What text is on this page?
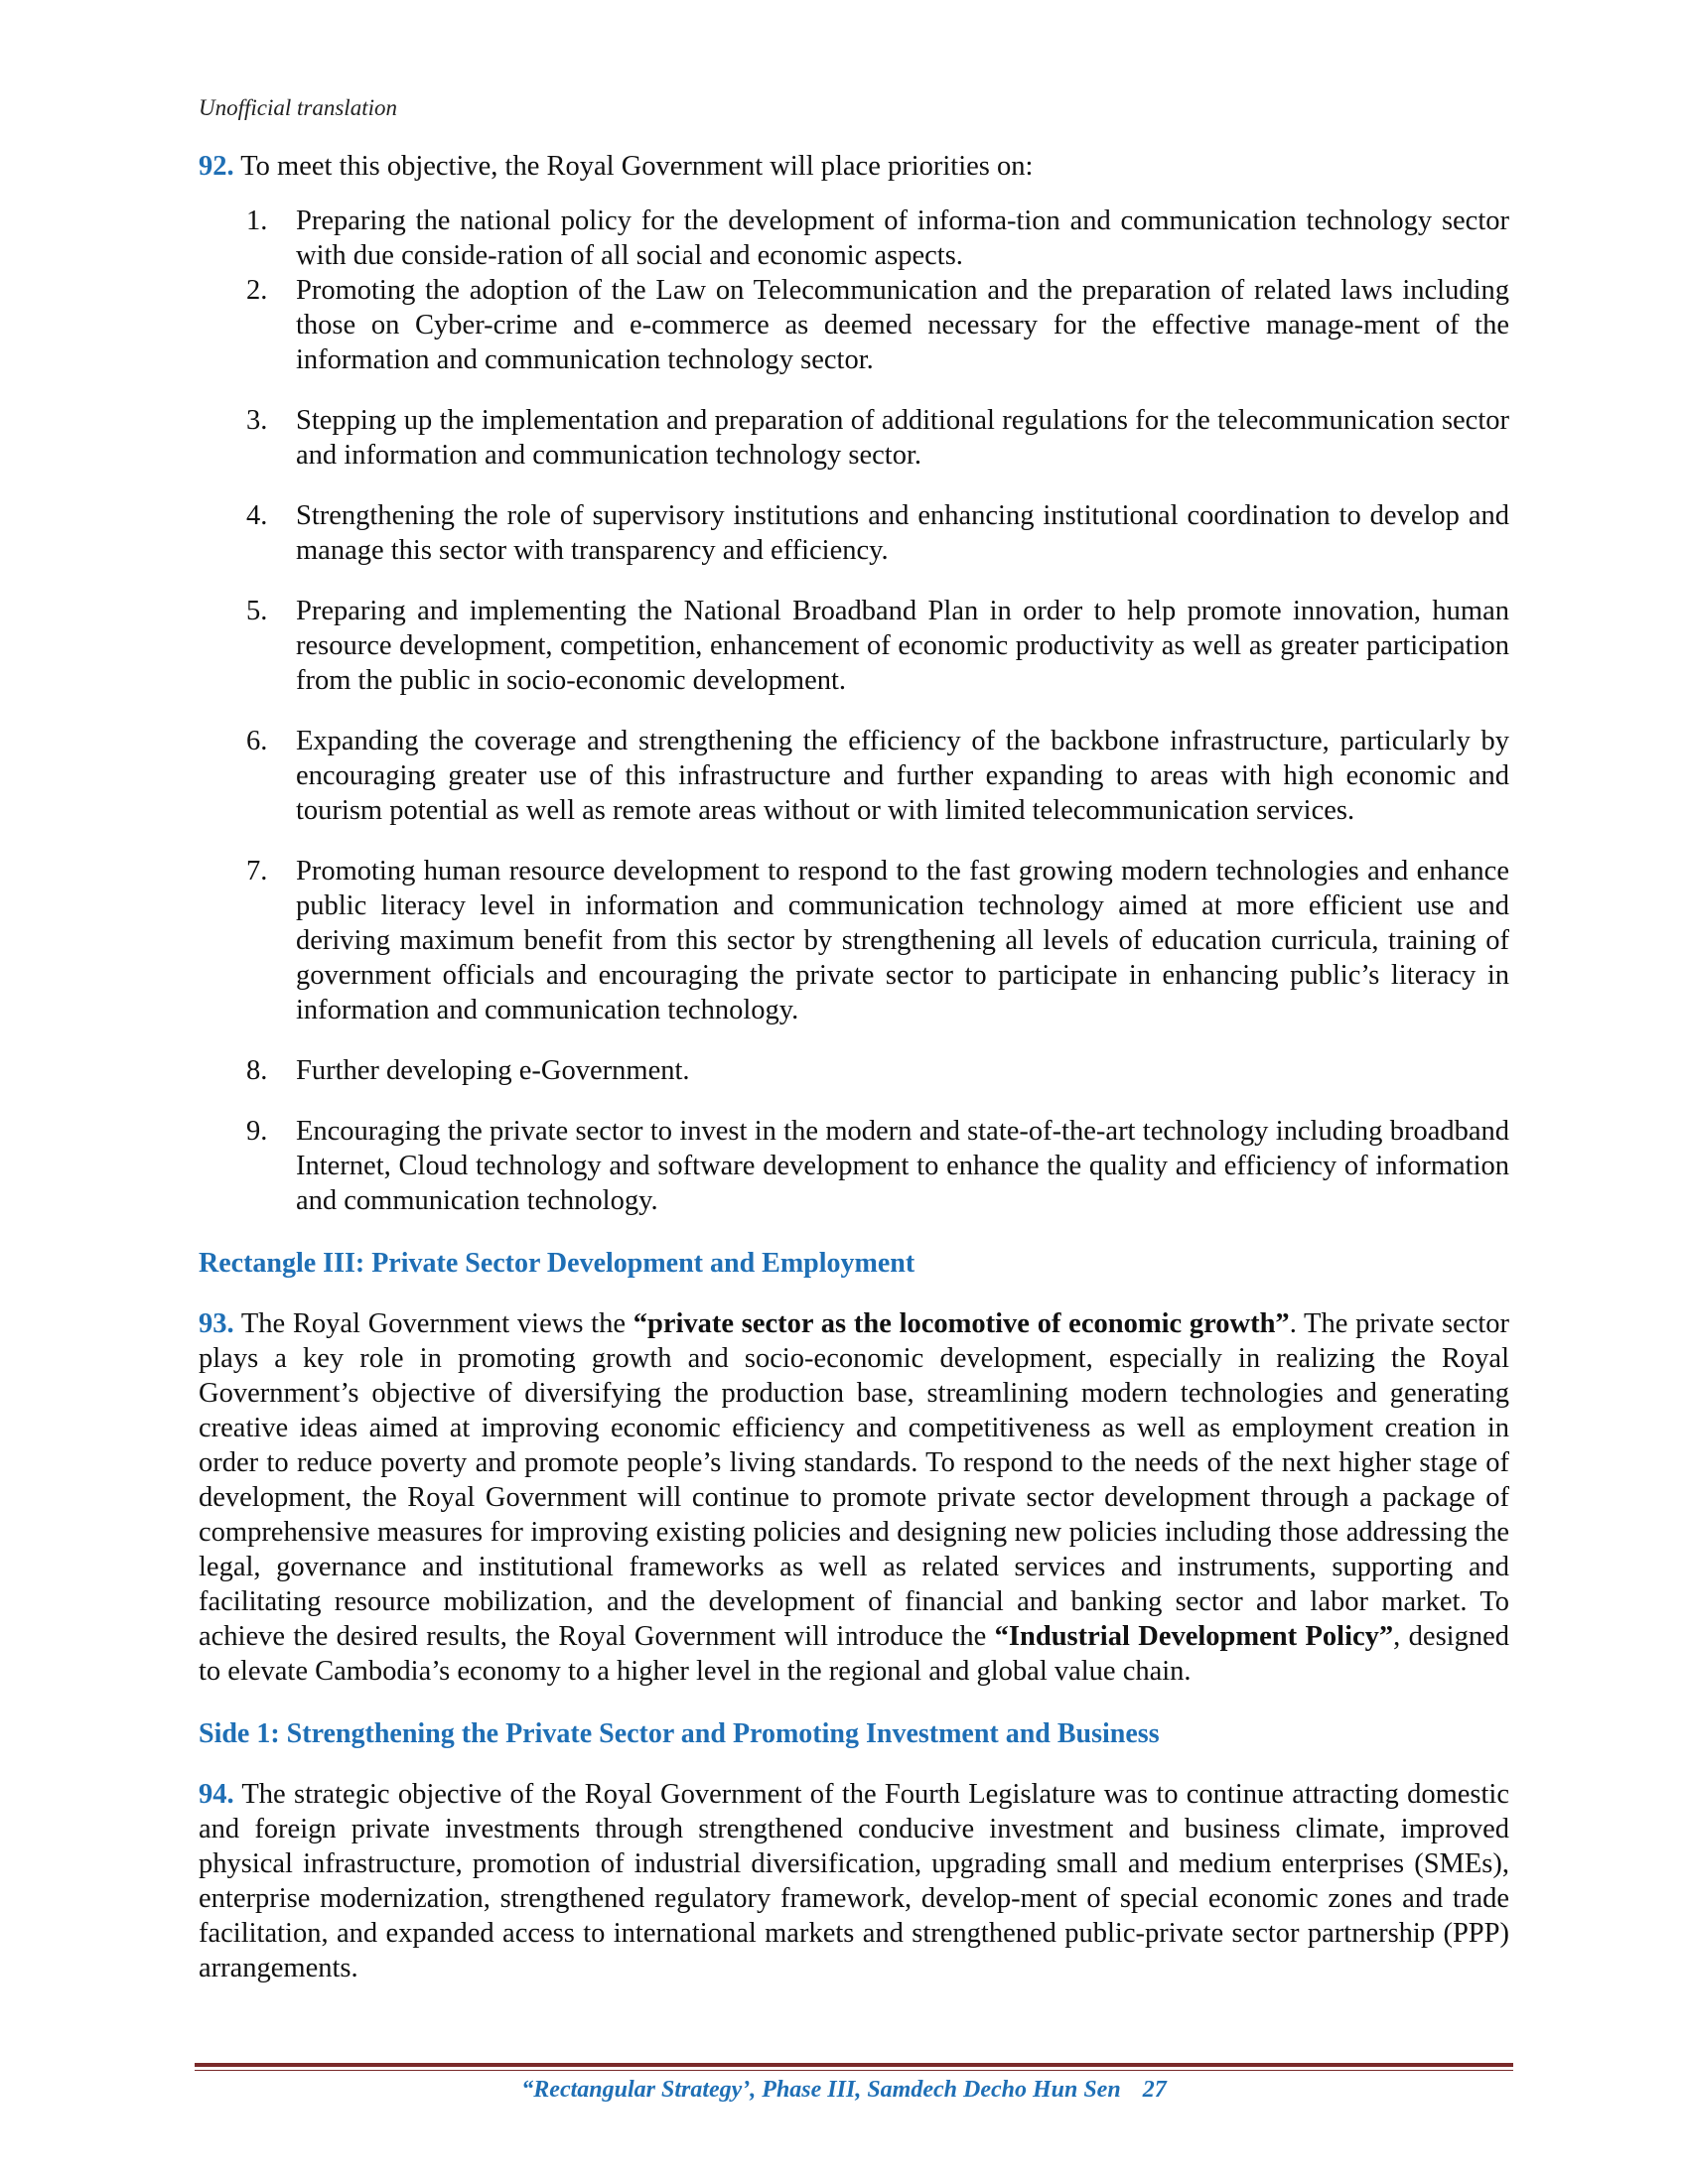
Unofficial translation

92. To meet this objective, the Royal Government will place priorities on:

1. Preparing the national policy for the development of informa-tion and communication technology sector with due conside-ration of all social and economic aspects.
2. Promoting the adoption of the Law on Telecommunication and the preparation of related laws including those on Cyber-crime and e-commerce as deemed necessary for the effective manage-ment of the information and communication technology sector.
3. Stepping up the implementation and preparation of additional regulations for the telecommunication sector and information and communication technology sector.
4. Strengthening the role of supervisory institutions and enhancing institutional coordination to develop and manage this sector with transparency and efficiency.
5. Preparing and implementing the National Broadband Plan in order to help promote innovation, human resource development, competition, enhancement of economic productivity as well as greater participation from the public in socio-economic development.
6. Expanding the coverage and strengthening the efficiency of the backbone infrastructure, particularly by encouraging greater use of this infrastructure and further expanding to areas with high economic and tourism potential as well as remote areas without or with limited telecommunication services.
7. Promoting human resource development to respond to the fast growing modern technologies and enhance public literacy level in information and communication technology aimed at more efficient use and deriving maximum benefit from this sector by strengthening all levels of education curricula, training of government officials and encouraging the private sector to participate in enhancing public’s literacy in information and communication technology.
8. Further developing e-Government.
9. Encouraging the private sector to invest in the modern and state-of-the-art technology including broadband Internet, Cloud technology and software development to enhance the quality and efficiency of information and communication technology.
Rectangle III: Private Sector Development and Employment

93. The Royal Government views the “private sector as the locomotive of economic growth”. The private sector plays a key role in promoting growth and socio-economic development, especially in realizing the Royal Government’s objective of diversifying the production base, streamlining modern technologies and generating creative ideas aimed at improving economic efficiency and competitiveness as well as employment creation in order to reduce poverty and promote people’s living standards. To respond to the needs of the next higher stage of development, the Royal Government will continue to promote private sector development through a package of comprehensive measures for improving existing policies and designing new policies including those addressing the legal, governance and institutional frameworks as well as related services and instruments, supporting and facilitating resource mobilization, and the development of financial and banking sector and labor market. To achieve the desired results, the Royal Government will introduce the “Industrial Development Policy”, designed to elevate Cambodia’s economy to a higher level in the regional and global value chain.

Side 1: Strengthening the Private Sector and Promoting Investment and Business

94. The strategic objective of the Royal Government of the Fourth Legislature was to continue attracting domestic and foreign private investments through strengthened conducive investment and business climate, improved physical infrastructure, promotion of industrial diversification, upgrading small and medium enterprises (SMEs), enterprise modernization, strengthened regulatory framework, develop-ment of special economic zones and trade facilitation, and expanded access to international markets and strengthened public-private sector partnership (PPP) arrangements.

“Rectangular Strategy’, Phase III, Samdech Decho Hun Sen 27
